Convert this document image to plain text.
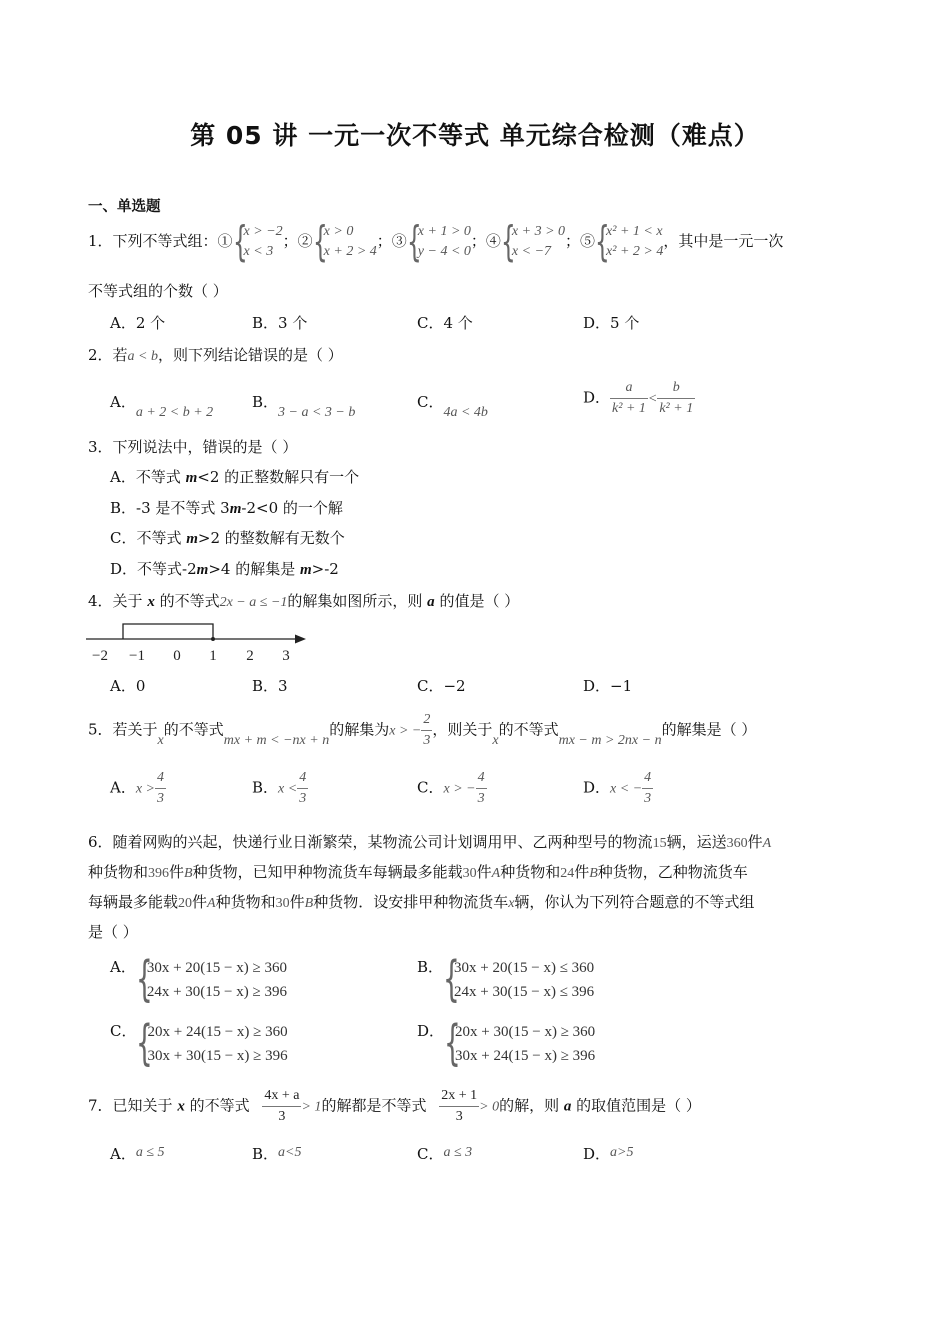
第 05 讲 一元一次不等式 单元综合检测（难点）
一、单选题
1．下列不等式组：① {
x > −2
x < 3
；② {
x > 0
x + 2 > 4
；③ {
x + 1 > 0
y − 4 < 0
；④ {
x + 3 > 0
x < −7
；⑤ {
x² + 1 < x
x² + 2 > 4
，其中是一元一次
不等式组的个数（ ）
A．2 个	B．3 个	C．4 个	D．5 个
2．若a < b，则下列结论错误的是（ ）
A．a + 2 < b + 2
B．3 − a < 3 − b
C．4a < 4b
D． $\frac{a}{\text{k² + 1}} < \frac{b}{\text{k² + 1}}$
3．下列说法中，错误的是（ ）
A．不等式 m<2 的正整数解只有一个
B．-3 是不等式 3m-2<0 的一个解
C．不等式 m>2 的整数解有无数个
D．不等式-2m>4 的解集是 m>-2
4．关于 x 的不等式2x − a ≤ −1的解集如图所示，则 a 的值是（ ）
−2 −1 0 1 2 3
A．0	B．3	C．−2	D．−1
5．若关于x的不等式mx + m < −nx + n的解集为x > − $\frac{2}{3}$ ，则关于x的不等式mx − m > 2nx − n的解集是（ ）
A．$x > \frac{4}{3}$	B．$x < \frac{4}{3}$	C．x > − $\frac{4}{3}$	D．x < − $\frac{4}{3}$
6．随着网购的兴起，快递行业日渐繁荣，某物流公司计划调用甲、乙两种型号的物流15辆，运送360件A
种货物和396件B种货物，已知甲种物流货车每辆最多能载30件A种货物和24件B种货物，乙种物流货车
每辆最多能载20件A种货物和30件B种货物．设安排甲种物流货车x辆，你认为下列符合题意的不等式组
是（ ）
A． {
30x + 20(15 − x) ≥ 360
24x + 30(15 − x) ≥ 396
B． {
30x + 20(15 − x) ≤ 360
24x + 30(15 − x) ≤ 396
C． {
20x + 24(15 − x) ≥ 360
30x + 30(15 − x) ≥ 396
D． {
20x + 30(15 − x) ≥ 360
30x + 24(15 − x) ≥ 396
7．已知关于 x 的不等式 $\frac{4x + a}{3} > 1$的解都是不等式 $\frac{2x + 1}{3} > 0$的解，则 a 的取值范围是（ ）
A．a ≤ 5	B．a<5	C．a ≤ 3	D．a>5
